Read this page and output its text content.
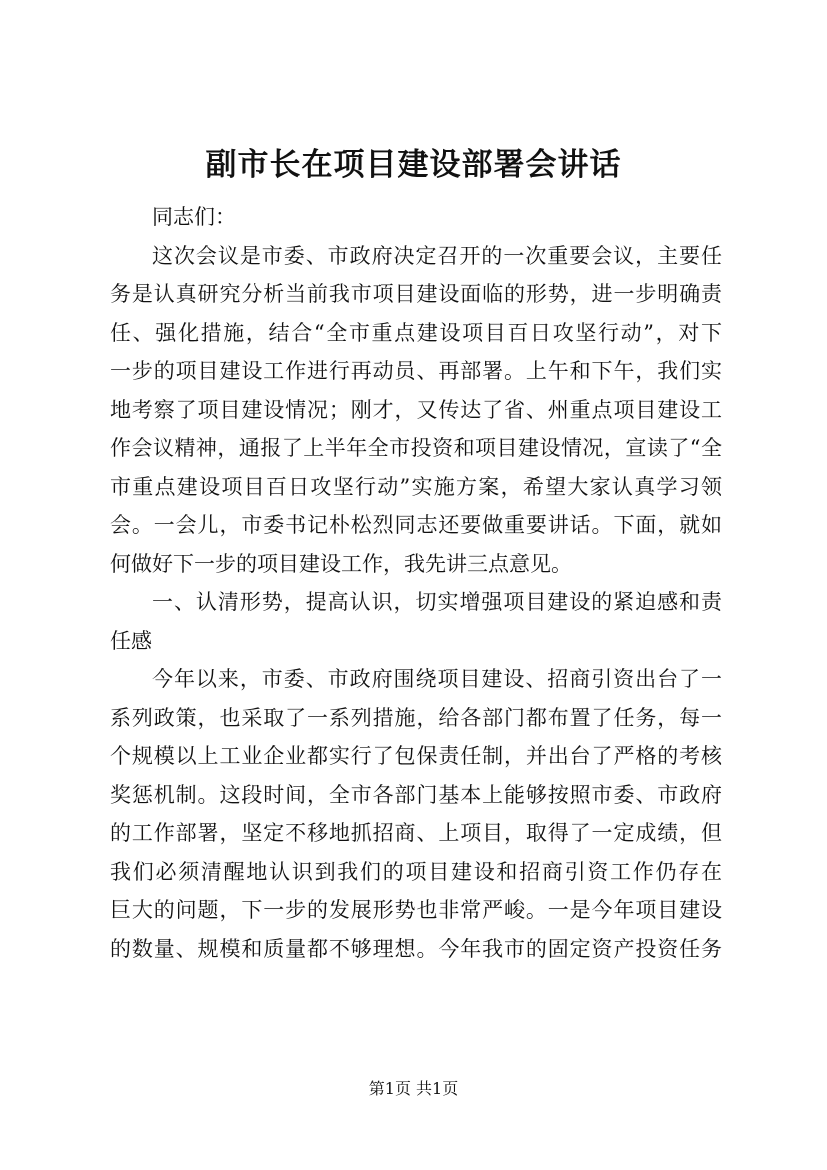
副市长在项目建设部署会讲话
同志们：
这次会议是市委、市政府决定召开的一次重要会议，主要任
务是认真研究分析当前我市项目建设面临的形势，进一步明确责
任、强化措施，结合“全市重点建设项目百日攻坚行动”，对下
一步的项目建设工作进行再动员、再部署。上午和下午，我们实
地考察了项目建设情况；刚才，又传达了省、州重点项目建设工
作会议精神，通报了上半年全市投资和项目建设情况，宣读了“全
市重点建设项目百日攻坚行动”实施方案，希望大家认真学习领
会。一会儿，市委书记朴松烈同志还要做重要讲话。下面，就如
何做好下一步的项目建设工作，我先讲三点意见。
一、认清形势，提高认识，切实增强项目建设的紧迫感和责
任感
今年以来，市委、市政府围绕项目建设、招商引资出台了一
系列政策，也采取了一系列措施，给各部门都布置了任务，每一
个规模以上工业企业都实行了包保责任制，并出台了严格的考核
奖惩机制。这段时间，全市各部门基本上能够按照市委、市政府
的工作部署，坚定不移地抓招商、上项目，取得了一定成绩，但
我们必须清醒地认识到我们的项目建设和招商引资工作仍存在
巨大的问题，下一步的发展形势也非常严峻。一是今年项目建设
的数量、规模和质量都不够理想。今年我市的固定资产投资任务
第1页 共1页
